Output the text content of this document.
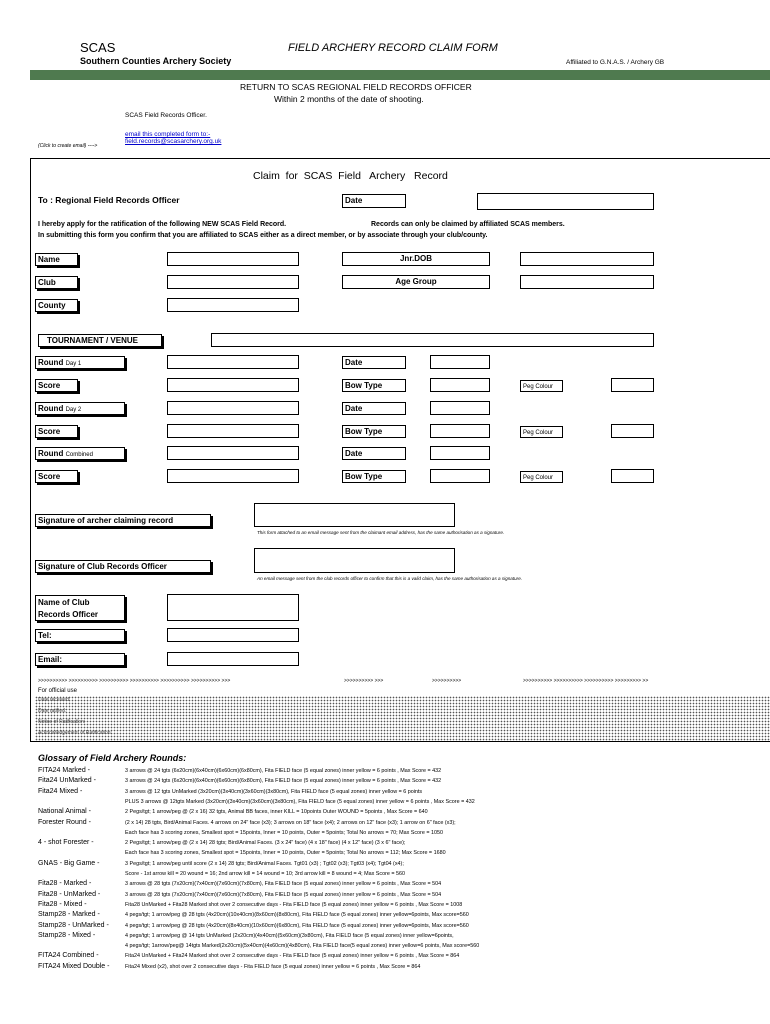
SCAS
Southern Counties Archery Society
FIELD ARCHERY RECORD CLAIM FORM
Affiliated to G.N.A.S. / Archery GB
RETURN TO SCAS REGIONAL FIELD RECORDS OFFICER
Within 2 months of the date of shooting.
SCAS Field Records Officer.
(Click to create email) ---->
email this completed form to:-
field.records@scasarchery.org.uk
Claim  for  SCAS  Field   Archery   Record
To : Regional Field Records Officer	Date
I hereby apply for the ratification of the following NEW SCAS Field Record.	Records can only be claimed by affiliated SCAS members.
In submitting this form you confirm that you are affiliated to SCAS either as a direct member, or by associate through your club/county.
Name	Jnr.DOB
Club	Age Group
County
TOURNAMENT / VENUE
Round Day 1	Date
Score	Bow Type	Peg Colour
Round Day 2	Date
Score	Bow Type	Peg Colour
Round Combined	Date
Score	Bow Type	Peg Colour
Signature of archer claiming record
This form attached to an email message sent from the claimant email address, has the same authorisation as a signature.
Signature of Club Records Officer
An email message sent from the club records officer to confirm that this is a valid claim, has the same authorisation as a signature.
Name of Club
Records Officer
Tel:
Email:
>>>>>>>>>> >>>>>>>>>> >>>>>>>>>> >>>>>>>>>> >>>>>>>>>> >>>>>>>>>> >>>	>>>>>>>>>> >>>	>>>>>>>>>>	>>>>>>>>>> >>>>>>>>>> >>>>>>>>>> >>>>>>>>> >>
For official use
Date received:
Date ratified:
Notice of Ratification:
Acknowledgement of Ratification:
Glossary of Field Archery Rounds:
FITA24 Marked -	3 arrows @ 24 tgts (6x20cm)(6x40cm)(6x60cm)(6x80cm), Fita FIELD face (5 equal zones) inner yellow = 6 points , Max Score = 432
Fita24 UnMarked -	3 arrows @ 24 tgts (6x20cm)(6x40cm)(6x60cm)(6x80cm), Fita FIELD face (5 equal zones) inner yellow = 6 points , Max Score = 432
Fita24 Mixed -	3 arrows @ 12 tgts UnMarked (3x20cm)(3x40cm)(3x60cm)(3x80cm), Fita FIELD face (5 equal zones) inner yellow = 6 points
PLUS 3 arrows @ 12tgts Marked (3x20cm)(3x40cm)(3x60cm)(3x80cm), Fita FIELD face (5 equal zones) inner yellow = 6 points , Max Score = 432
National Animal -	2 Pegs/tgt; 1 arrow/peg @ (2 x 16) 32 tgts, Animal BB faces, inner KILL = 10points Outer WOUND = 5points , Max Score = 640
Forester Round -	(2 x 14) 28 tgts, Bird/Animal Faces. 4 arrows on 24" face (x3); 3 arrows on 18" face (x4); 2 arrows on 12" face (x3); 1 arrow on 6" face (x3);
Each face has 3 scoring zones, Smallest spot = 15points, Inner = 10 points, Outer = 5points; Total No arrows = 70; Max Score = 1050
4 - shot Forester -	2 Pegs/tgt; 1 arrow/peg @ (2 x 14) 28 tgts; Bird/Animal Faces. (3 x 24" face) (4 x 18" face) (4 x 12" face) (3 x 6" face);
Each face has 3 scoring zones, Smallest spot = 15points, Inner = 10 points, Outer = 5points; Total No arrows = 112; Max Score = 1680
GNAS - Big Game -	3 Pegs/tgt; 1 arrow/peg until score (2 x 14) 28 tgts; Bird/Animal Faces. Tgt01 (x3) ; Tgt02 (x3); Tgt03 (x4); Tgt04 (x4);
Score - 1st arrow kill = 20 wound = 16; 2nd arrow kill = 14 wound = 10; 3rd arrow kill = 8 wound = 4; Max Score = 560
Fita28 - Marked -	3 arrows @ 28 tgts (7x20cm)(7x40cm)(7x60cm)(7x80cm), Fita FIELD face (5 equal zones) inner yellow = 6 points , Max Score = 504
Fita28 - UnMarked -	3 arrows @ 28 tgts (7x20cm)(7x40cm)(7x60cm)(7x80cm), Fita FIELD face (5 equal zones) inner yellow = 6 points , Max Score = 504
Fita28 - Mixed -	Fita28 UnMarked + Fita28 Marked shot over 2 consecutive days - Fita FIELD face (5 equal zones) inner yellow = 6 points , Max Score = 1008
Stamp28 - Marked -	4 pegs/tgt; 1 arrow/peg @ 28 tgts (4x20cm)(10x40cm)(8x60cm)(8x80cm), Fita FIELD face (5 equal zones) inner yellow=6points, Max score=560
Stamp28 - UnMarked -	4 pegs/tgt; 1 arrow/peg @ 28 tgts (4x20cm)(8x40cm)(10x60cm)(6x80cm), Fita FIELD face (5 equal zones) inner yellow=6points, Max score=560
Stamp28 - Mixed -	4 pegs/tgt; 1 arrow/peg @ 14 tgts UnMarked (2x20cm)(4x40cm)(5x60cm)(3x80cm), Fita FIELD face (5 equal zones) inner yellow=6points,
4 pegs/tgt; 1arrow/peg@ 14tgts Marked(2x20cm)(5x40cm)(4x60cm)(4x80cm), Fita FIELD face(5 equal zones) inner yellow=6 points, Max score=560
FITA24 Combined -	Fita24 UnMarked + Fita24 Marked shot over 2 consecutive days - Fita FIELD face (5 equal zones) inner yellow = 6 points , Max Score = 864
FITA24 Mixed Double -	Fita24 Mixed (x2), shot over 2 consecutive days - Fita FIELD face (5 equal zones) inner yellow = 6 points , Max Score = 864
